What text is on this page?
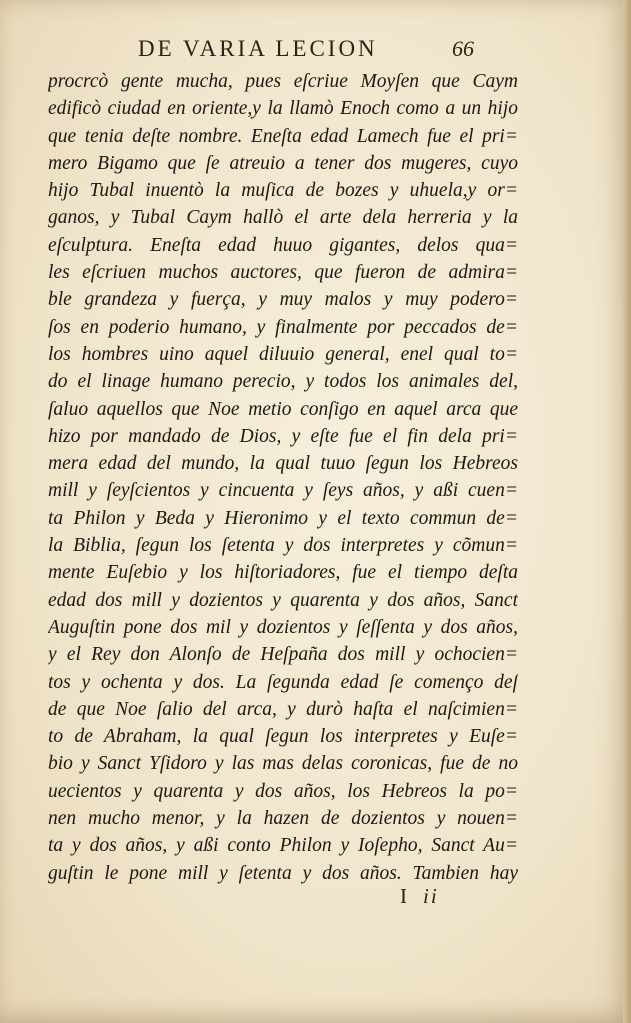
DE VARIA LECION	66
procrcò gente mucha, pues eſcriue Moyſen que Caym
edificò ciudad en oriente,y la llamò Enoch como a un hijo
que tenia deſte nombre. Eneſta edad Lamech fue el pri=
mero Bigamo que ſe atreuio a tener dos mugeres, cuyo
hijo Tubal inuentò la muſica de bozes y uhuela,y or=
ganos, y Tubal Caym hallò el arte dela herreria y la
eſculptura. Eneſta edad huuo gigantes, delos qua=
les eſcriuen muchos auctores, que fueron de admira=
ble grandeza y fuerça, y muy malos y muy podero=
ſos en poderio humano, y finalmente por peccados de=
los hombres uino aquel diluuio general, enel qual to=
do el linage humano perecio, y todos los animales del,
ſaluo aquellos que Noe metio conſigo en aquel arca que
hizo por mandado de Dios, y eſte fue el fin dela pri=
mera edad del mundo, la qual tuuo ſegun los Hebreos
mill y ſeyſcientos y cincuenta y ſeys años, y aßi cuen=
ta Philon y Beda y Hieronimo y el texto commun de=
la Biblia, ſegun los ſetenta y dos interpretes y cõmun=
mente Euſebio y los hiſtoriadores, fue el tiempo deſta
edad dos mill y dozientos y quarenta y dos años, Sanct
Auguſtin pone dos mil y dozientos y ſeſſenta y dos años,
y el Rey don Alonſo de Heſpaña dos mill y ochocien=
tos y ochenta y dos. La ſegunda edad ſe començo deſ
de que Noe ſalio del arca, y durò haſta el naſcimien=
to de Abraham, la qual ſegun los interpretes y Euſe=
bio y Sanct Yſidoro y las mas delas coronicas, fue de no
uecientos y quarenta y dos años, los Hebreos la po=
nen mucho menor, y la hazen de dozientos y nouen=
ta y dos años, y aßi conto Philon y Ioſepho, Sanct Au=
guſtin le pone mill y ſetenta y dos años. Tambien hay
I ii
